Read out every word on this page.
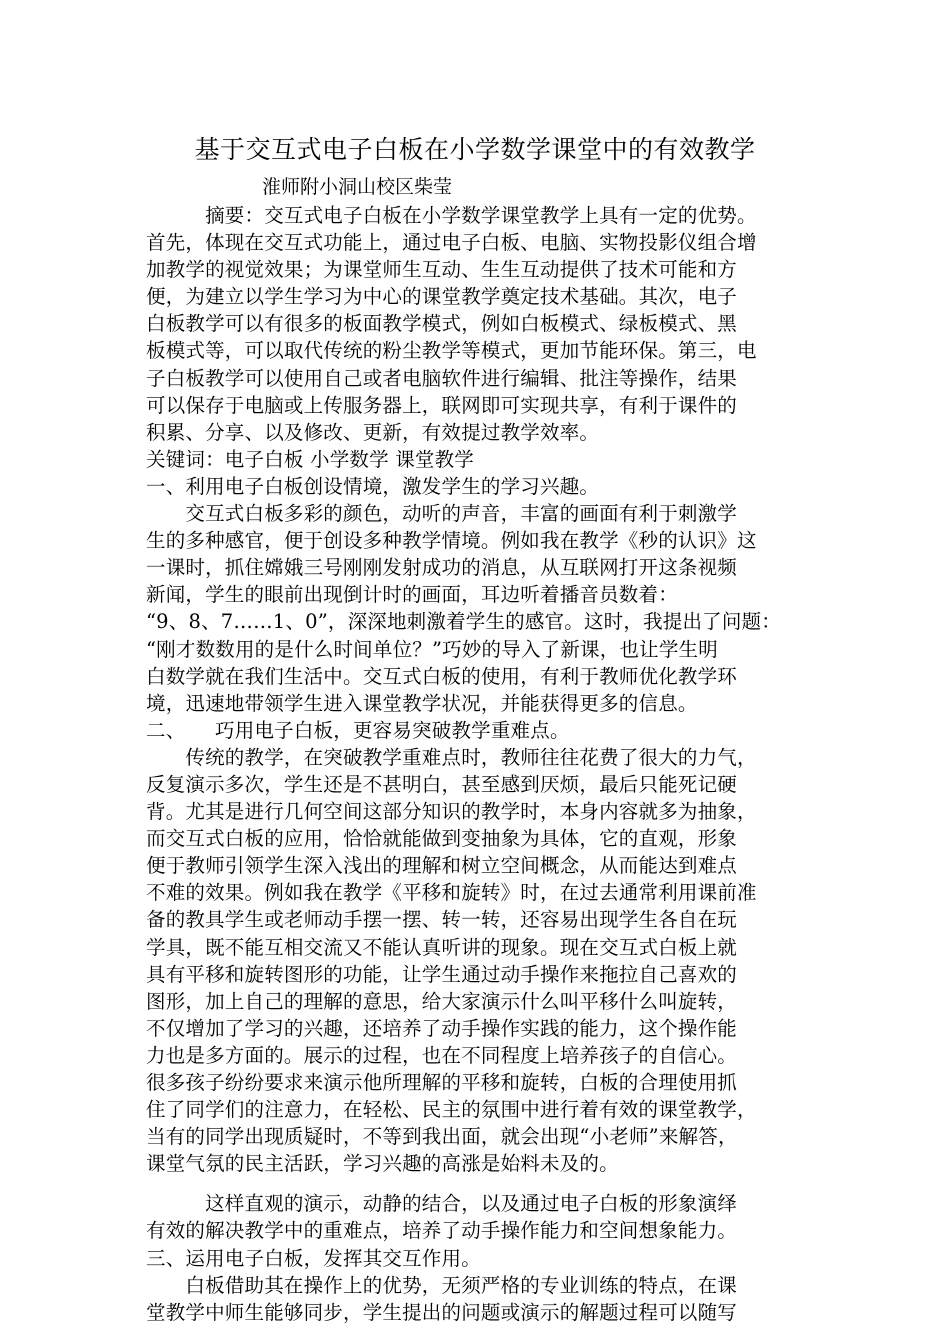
基于交互式电子白板在小学数学课堂中的有效教学
淮师附小洞山校区柴莹
　　　摘要：交互式电子白板在小学数学课堂教学上具有一定的优势。
首先，体现在交互式功能上，通过电子白板、电脑、实物投影仪组合增
加教学的视觉效果；为课堂师生互动、生生互动提供了技术可能和方
便，为建立以学生学习为中心的课堂教学奠定技术基础。其次，电子
白板教学可以有很多的板面教学模式，例如白板模式、绿板模式、黑
板模式等，可以取代传统的粉尘教学等模式，更加节能环保。第三，电
子白板教学可以使用自己或者电脑软件进行编辑、批注等操作，结果
可以保存于电脑或上传服务器上，联网即可实现共享，有利于课件的
积累、分享、以及修改、更新，有效提过教学效率。
关键词：电子白板 小学数学 课堂教学
一、利用电子白板创设情境，激发学生的学习兴趣。
　　交互式白板多彩的颜色，动听的声音，丰富的画面有利于刺激学
生的多种感官，便于创设多种教学情境。例如我在教学《秒的认识》这
一课时，抓住嫦娥三号刚刚发射成功的消息，从互联网打开这条视频
新闻，学生的眼前出现倒计时的画面，耳边听着播音员数着：
“9、8、7……1、0”，深深地刺激着学生的感官。这时，我提出了问题：
“刚才数数用的是什么时间单位？”巧妙的导入了新课，也让学生明
白数学就在我们生活中。交互式白板的使用，有利于教师优化教学环
境，迅速地带领学生进入课堂教学状况，并能获得更多的信息。
二、　　巧用电子白板，更容易突破教学重难点。
　　传统的教学，在突破教学重难点时，教师往往花费了很大的力气，
反复演示多次，学生还是不甚明白，甚至感到厌烦，最后只能死记硬
背。尤其是进行几何空间这部分知识的教学时，本身内容就多为抽象，
而交互式白板的应用，恰恰就能做到变抽象为具体，它的直观，形象
便于教师引领学生深入浅出的理解和树立空间概念，从而能达到难点
不难的效果。例如我在教学《平移和旋转》时，在过去通常利用课前准
备的教具学生或老师动手摆一摆、转一转，还容易出现学生各自在玩
学具，既不能互相交流又不能认真听讲的现象。现在交互式白板上就
具有平移和旋转图形的功能，让学生通过动手操作来拖拉自己喜欢的
图形，加上自己的理解的意思，给大家演示什么叫平移什么叫旋转，
不仅增加了学习的兴趣，还培养了动手操作实践的能力，这个操作能
力也是多方面的。展示的过程，也在不同程度上培养孩子的自信心。
很多孩子纷纷要求来演示他所理解的平移和旋转，白板的合理使用抓
住了同学们的注意力，在轻松、民主的氛围中进行着有效的课堂教学，
当有的同学出现质疑时，不等到我出面，就会出现“小老师”来解答，
课堂气氛的民主活跃，学习兴趣的高涨是始料未及的。
　　　这样直观的演示，动静的结合，以及通过电子白板的形象演绎
有效的解决教学中的重难点，培养了动手操作能力和空间想象能力。
三、运用电子白板，发挥其交互作用。
　　白板借助其在操作上的优势，无须严格的专业训练的特点，在课
堂教学中师生能够同步，学生提出的问题或演示的解题过程可以随写
